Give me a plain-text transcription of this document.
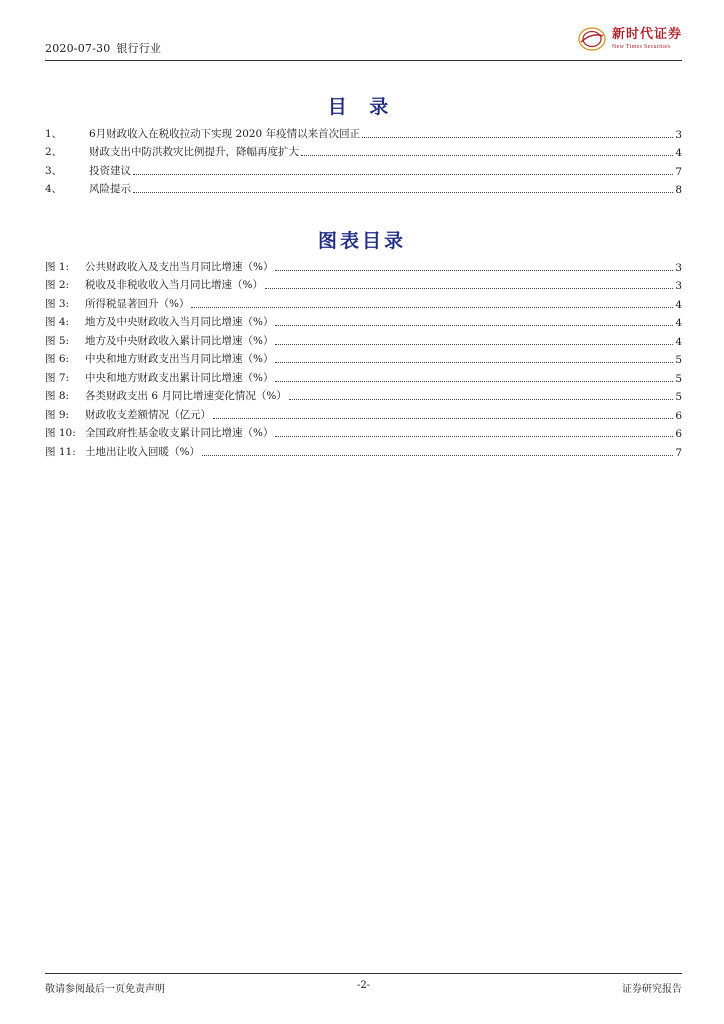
2020-07-30 银行行业
新时代证券
New Times Securities
目 录
1、	6月财政收入在税收拉动下实现 2020 年疫情以来首次回正	3
2、	财政支出中防洪救灾比例提升，降幅再度扩大	4
3、	投资建议	7
4、	风险提示	8
图表目录
图 1:	公共财政收入及支出当月同比增速（%）	3
图 2:	税收及非税收收入当月同比增速（%）	3
图 3:	所得税显著回升（%）	4
图 4:	地方及中央财政收入当月同比增速（%）	4
图 5:	地方及中央财政收入累计同比增速（%）	4
图 6:	中央和地方财政支出当月同比增速（%）	5
图 7:	中央和地方财政支出累计同比增速（%）	5
图 8:	各类财政支出 6 月同比增速变化情况（%）	5
图 9:	财政收支差额情况（亿元）	6
图 10: 全国政府性基金收支累计同比增速（%）	6
图 11: 土地出让收入回暖（%）	7
敬请参阅最后一页免责声明	-2-	证券研究报告
